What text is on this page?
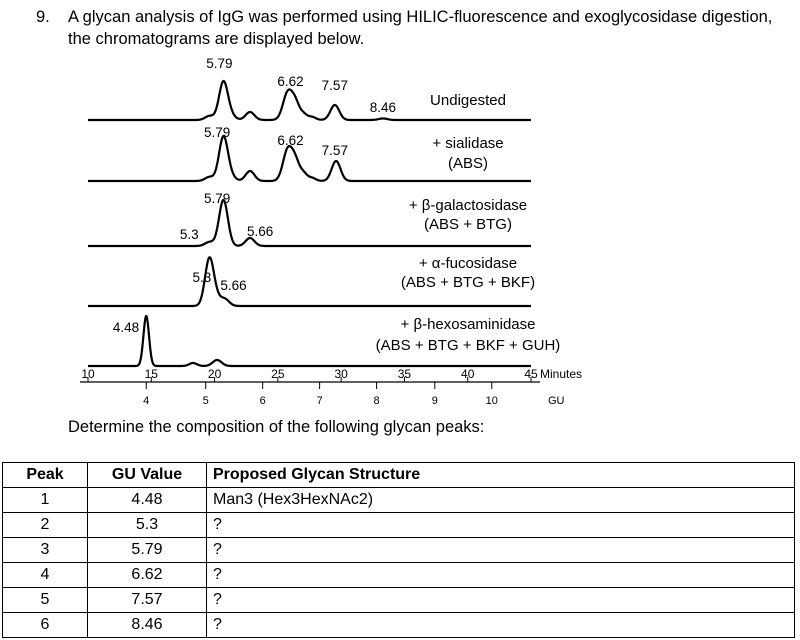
9. A glycan analysis of IgG was performed using HILIC-fluorescence and exoglycosidase digestion, the chromatograms are displayed below.
5.79
6.62 7.57
8.46 Undigested
5.79
6.62
7.57	+ sialidase
(ABS)
5.3
5.79
5.66
+ β-galactosidase
(ABS + BTG)
5.3
5.66
+ α-fucosidase
(ABS + BTG + BKF)
4.48	+ β-hexosaminidase
(ABS + BTG + BKF + GUH)
10	15	20	25	30	35	40	45 Minutes
4	5	6	7	8	9	10	GU
Determine the composition of the following glycan peaks:
Peak	GU Value	Proposed Glycan Structure
1	4.48	Man3 (Hex3HexNAc2)
2	5.3	?
3	5.79	?
4	6.62	?
5	7.57	?
6	8.46	?
